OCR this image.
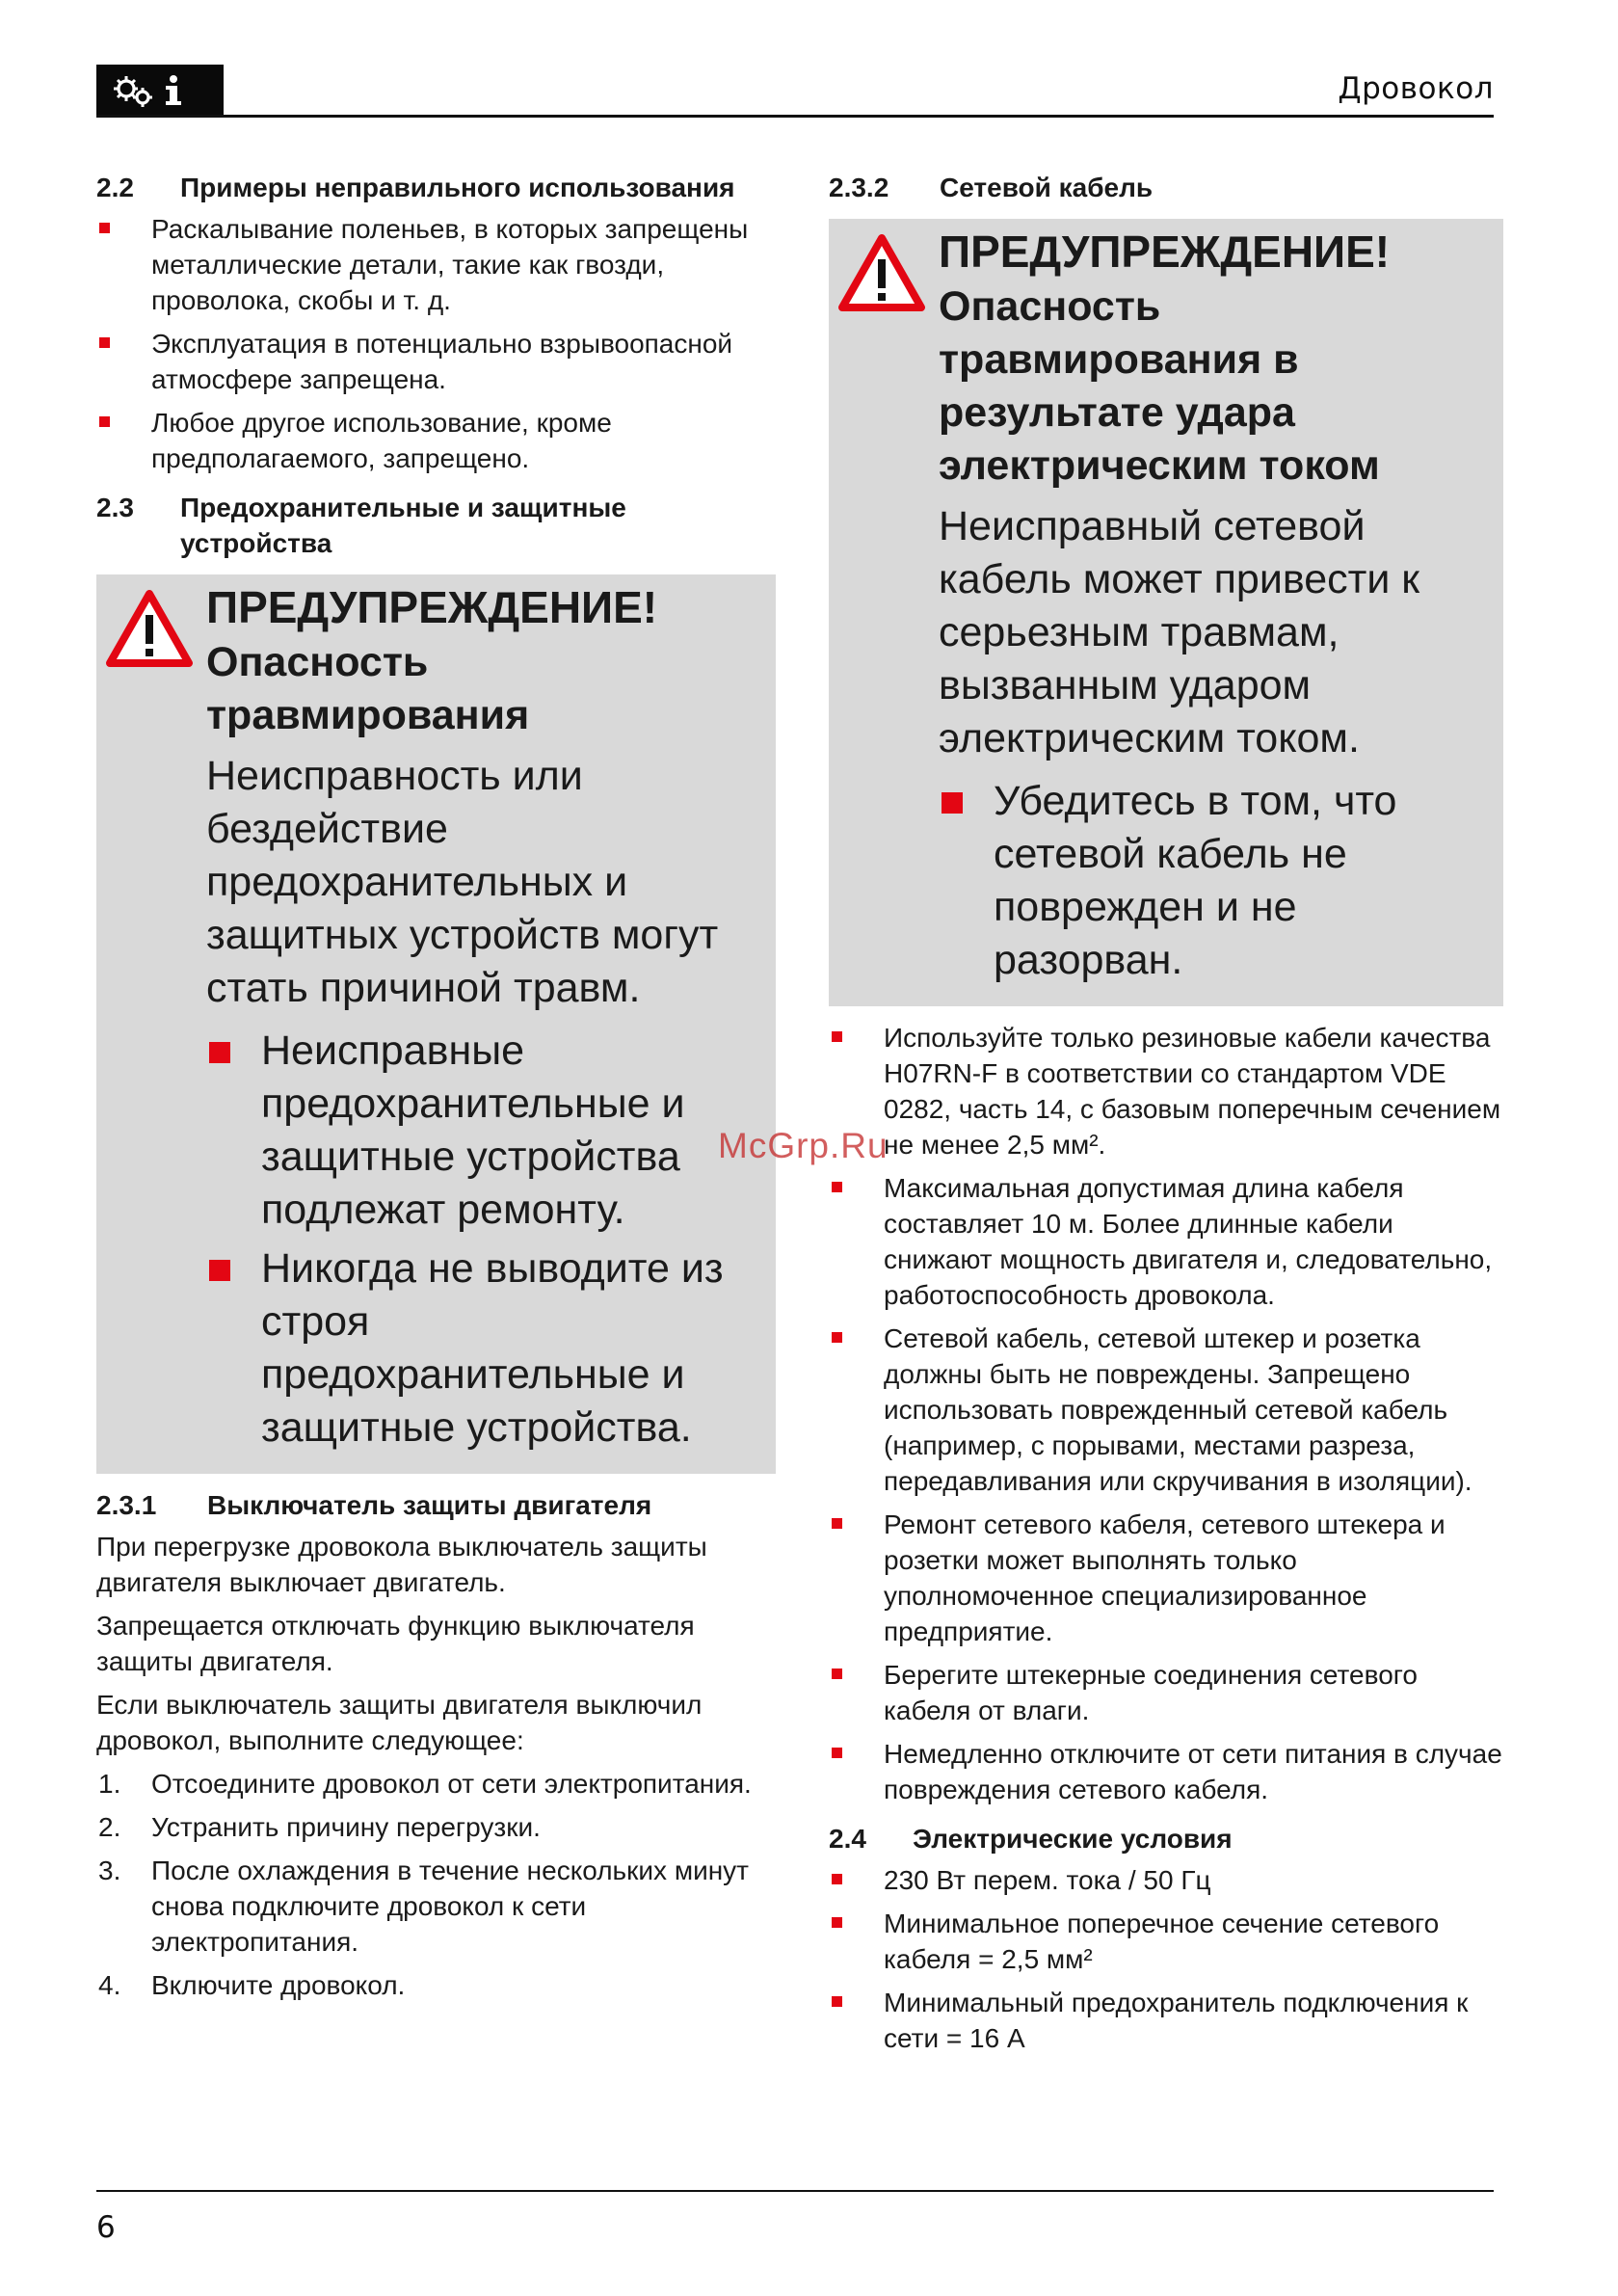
Дровокол
2.2	Примеры неправильного использования
Раскалывание поленьев, в которых запрещены металлические детали, такие как гвозди, проволока, скобы и т. д.
Эксплуатация в потенциально взрывоопасной атмосфере запрещена.
Любое другое использование, кроме предполагаемого, запрещено.
2.3	Предохранительные и защитные устройства
ПРЕДУПРЕЖДЕНИЕ!
Опасность травмирования
Неисправность или бездействие предохранительных и защитных устройств могут стать причиной травм.
Неисправные предохранительные и защитные устройства подлежат ремонту.
Никогда не выводите из строя предохранительные и защитные устройства.
2.3.1	Выключатель защиты двигателя

При перегрузке дровокола выключатель защиты двигателя выключает двигатель.

Запрещается отключать функцию выключателя защиты двигателя.

Если выключатель защиты двигателя выключил дровокол, выполните следующее:

1. Отсоедините дровокол от сети электропитания.
2. Устранить причину перегрузки.
3. После охлаждения в течение нескольких минут снова подключите дровокол к сети электропитания.
4. Включите дровокол.
2.3.2	Сетевой кабель
ПРЕДУПРЕЖДЕНИЕ!
Опасность травмирования в результате удара электрическим током
Неисправный сетевой кабель может привести к серьезным травмам, вызванным ударом электрическим током.
Убедитесь в том, что сетевой кабель не поврежден и не разорван.
Используйте только резиновые кабели качества H07RN-F в соответствии со стандартом VDE 0282, часть 14, с базовым поперечным сечением не менее 2,5 мм².
Максимальная допустимая длина кабеля составляет 10 м. Более длинные кабели снижают мощность двигателя и, следовательно, работоспособность дровокола.
Сетевой кабель, сетевой штекер и розетка должны быть не повреждены. Запрещено использовать поврежденный сетевой кабель (например, с порывами, местами разреза, передавливания или скручивания в изоляции).
Ремонт сетевого кабеля, сетевого штекера и розетки может выполнять только уполномоченное специализированное предприятие.
Берегите штекерные соединения сетевого кабеля от влаги.
Немедленно отключите от сети питания в случае повреждения сетевого кабеля.
2.4	Электрические условия
230 Вт перем. тока / 50 Гц
Минимальное поперечное сечение сетевого кабеля = 2,5 мм²
Минимальный предохранитель подключения к сети = 16 А
McGrp.Ru
6
